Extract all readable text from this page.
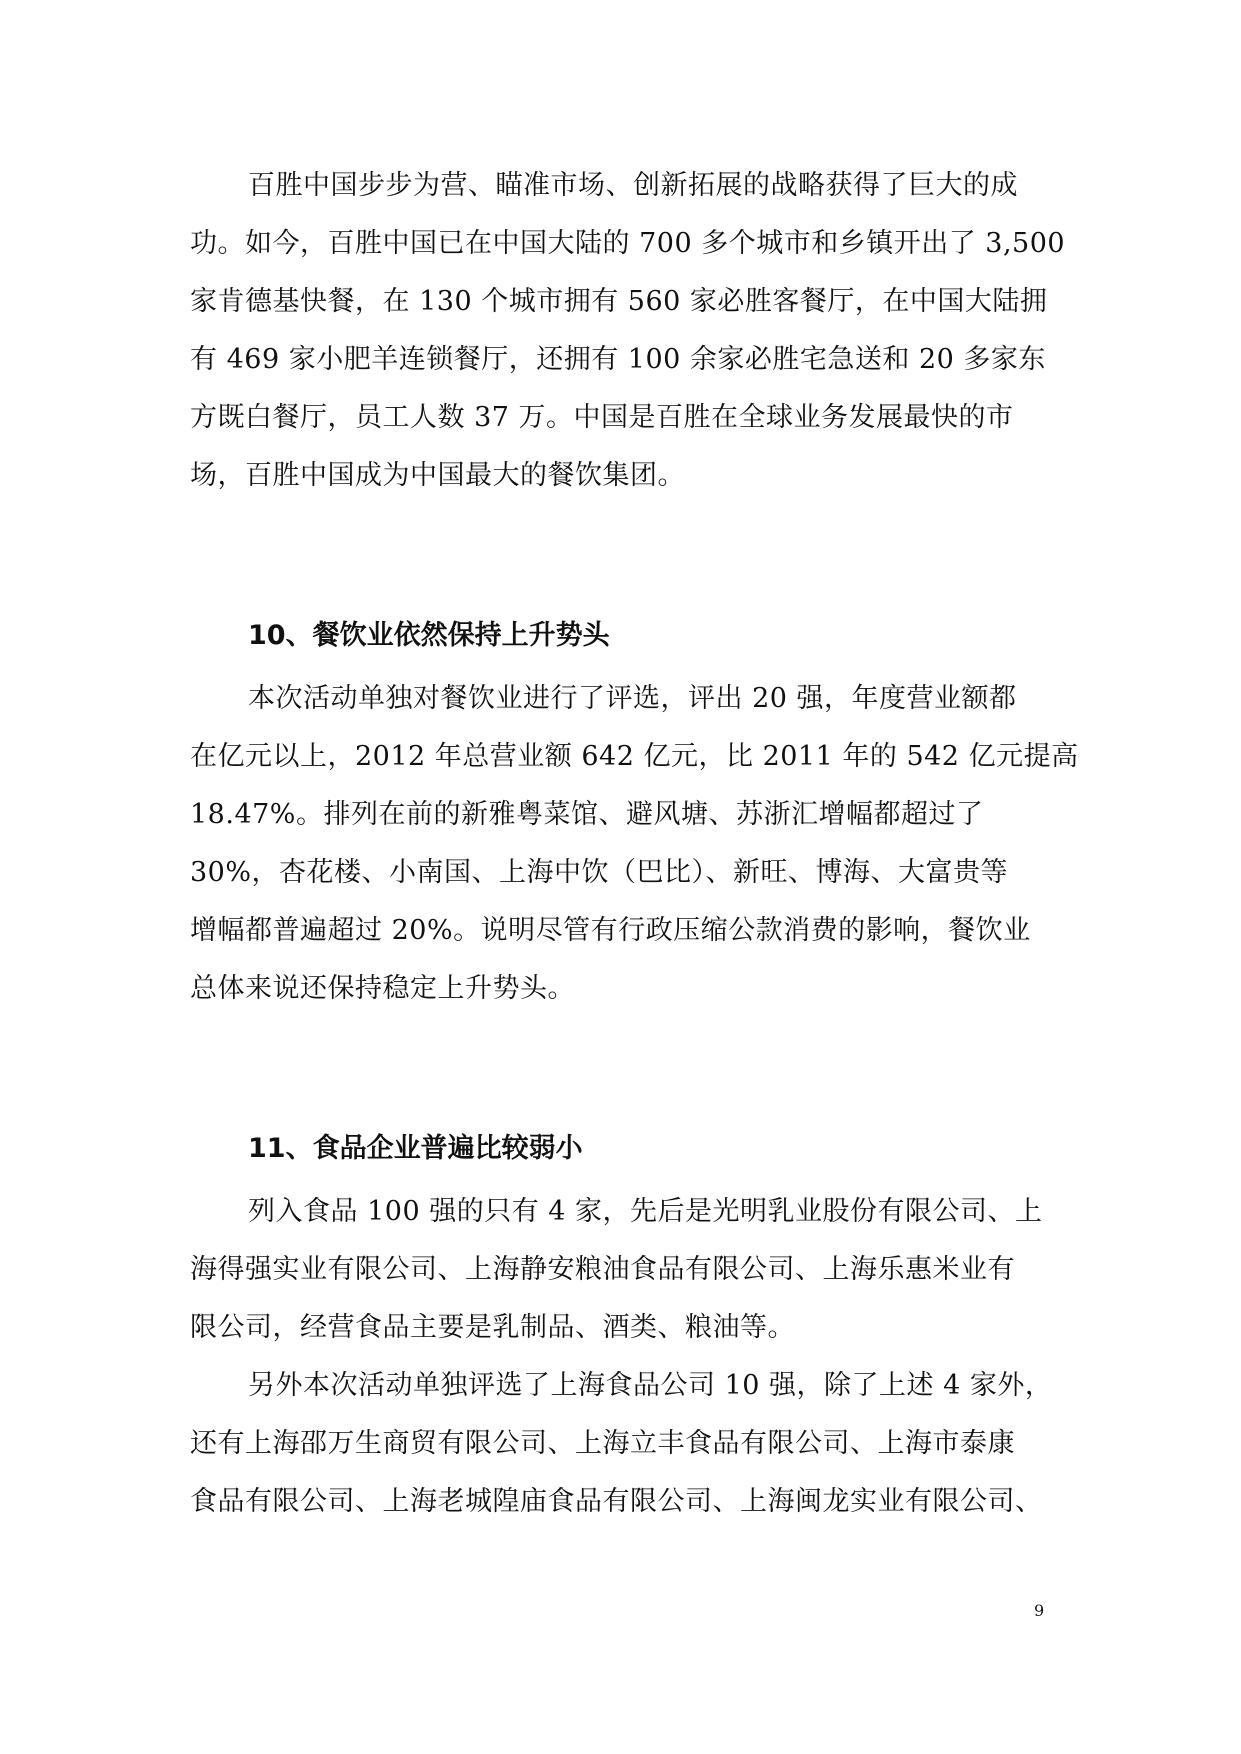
百胜中国步步为营、瞄准市场、创新拓展的战略获得了巨大的成
功。如今，百胜中国已在中国大陆的 700 多个城市和乡镇开出了 3,500
家肯德基快餐，在 130 个城市拥有 560 家必胜客餐厅，在中国大陆拥
有 469 家小肥羊连锁餐厅，还拥有 100 余家必胜宅急送和 20 多家东
方既白餐厅，员工人数 37 万。中国是百胜在全球业务发展最快的市
场，百胜中国成为中国最大的餐饮集团。
10、餐饮业依然保持上升势头
本次活动单独对餐饮业进行了评选，评出 20 强，年度营业额都
在亿元以上，2012 年总营业额 642 亿元，比 2011 年的 542 亿元提高
18.47%。排列在前的新雅粤菜馆、避风塘、苏浙汇增幅都超过了
30%，杏花楼、小南国、上海中饮（巴比）、新旺、博海、大富贵等
增幅都普遍超过 20%。说明尽管有行政压缩公款消费的影响，餐饮业
总体来说还保持稳定上升势头。
11、食品企业普遍比较弱小
列入食品 100 强的只有 4 家，先后是光明乳业股份有限公司、上
海得强实业有限公司、上海静安粮油食品有限公司、上海乐惠米业有
限公司，经营食品主要是乳制品、酒类、粮油等。
另外本次活动单独评选了上海食品公司 10 强，除了上述 4 家外，
还有上海邵万生商贸有限公司、上海立丰食品有限公司、上海市泰康
食品有限公司、上海老城隍庙食品有限公司、上海闽龙实业有限公司、
9
